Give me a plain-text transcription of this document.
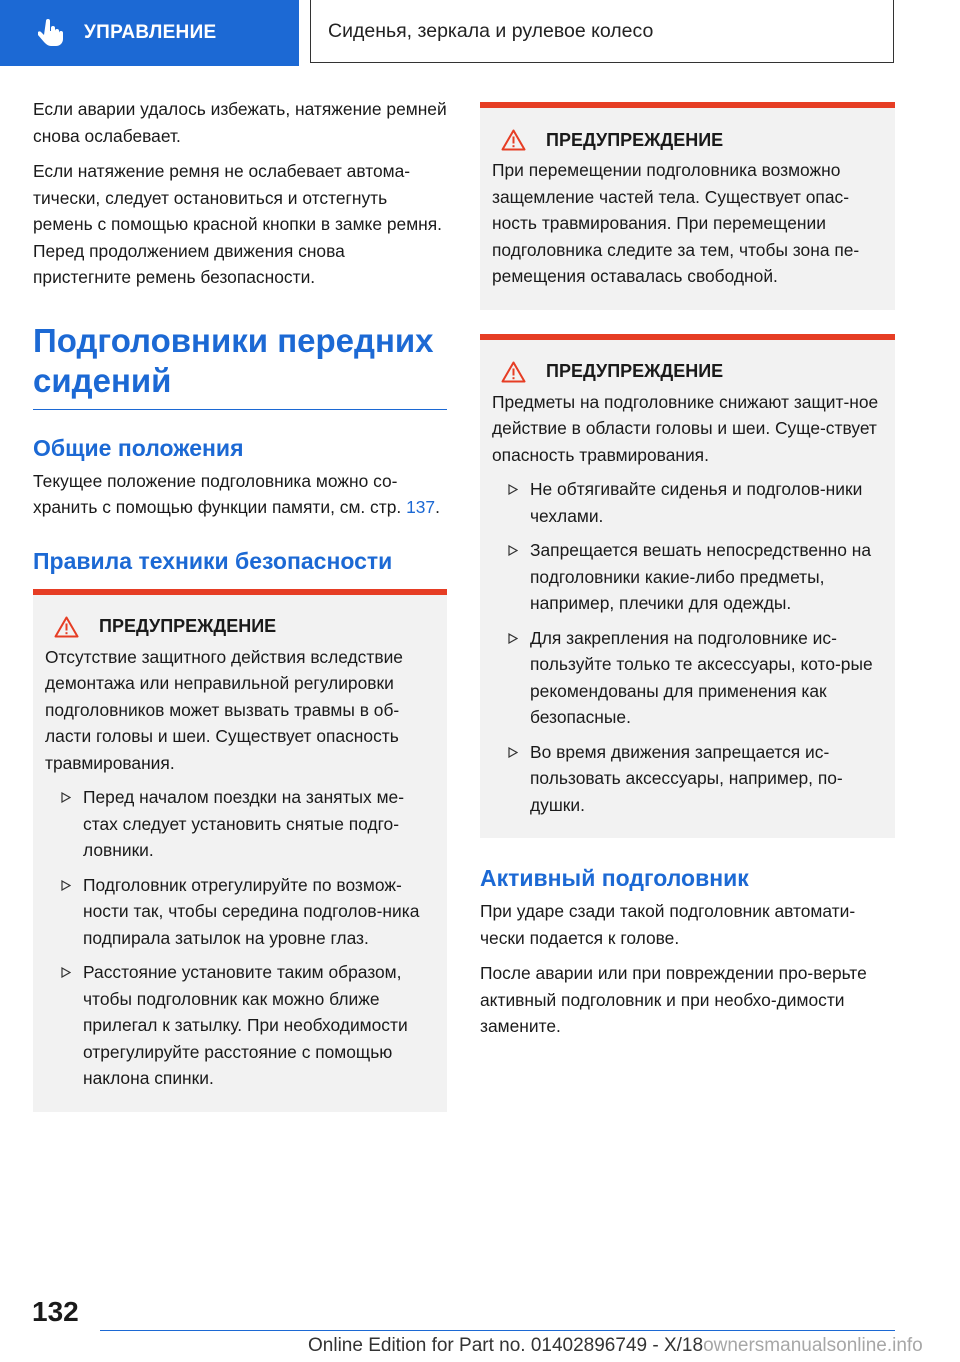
УПРАВЛЕНИЕ	Сиденья, зеркала и рулевое колесо

Если аварии удалось избежать, натяжение ремней снова ослабевает.

Если натяжение ремня не ослабевает автома-тически, следует остановиться и отстегнуть ремень с помощью красной кнопки в замке ремня. Перед продолжением движения снова пристегните ремень безопасности.

Подголовники передних сидений
Общие положения

Текущее положение подголовника можно со-хранить с помощью функции памяти, см. стр. 137.

Правила техники безопасности
ПРЕДУПРЕЖДЕНИЕ

Отсутствие защитного действия вследствие демонтажа или неправильной регулировки подголовников может вызвать травмы в об-ласти головы и шеи. Существует опасность травмирования.

Перед началом поездки на занятых ме-стах следует установить снятые подго-ловники.
Подголовник отрегулируйте по возмож-ности так, чтобы середина подголов-ника подпирала затылок на уровне глаз.
Расстояние установите таким образом, чтобы подголовник как можно ближе прилегал к затылку. При необходимости отрегулируйте расстояние с помощью наклона спинки.
ПРЕДУПРЕЖДЕНИЕ

При перемещении подголовника возможно защемление частей тела. Существует опас-ность травмирования. При перемещении подголовника следите за тем, чтобы зона пе-ремещения оставалась свободной.

ПРЕДУПРЕЖДЕНИЕ

Предметы на подголовнике снижают защит-ное действие в области головы и шеи. Суще-ствует опасность травмирования.

Не обтягивайте сиденья и подголов-ники чехлами.
Запрещается вешать непосредственно на подголовники какие-либо предметы, например, плечики для одежды.
Для закрепления на подголовнике ис-пользуйте только те аксессуары, кото-рые рекомендованы для применения как безопасные.
Во время движения запрещается ис-пользовать аксессуары, например, по-душки.
Активный подголовник

При ударе сзади такой подголовник автомати-чески подается к голове.

После аварии или при повреждении про-верьте активный подголовник и при необхо-димости замените.

132
Online Edition for Part no. 01402896749 - X/18ownersmanualsonline.info
